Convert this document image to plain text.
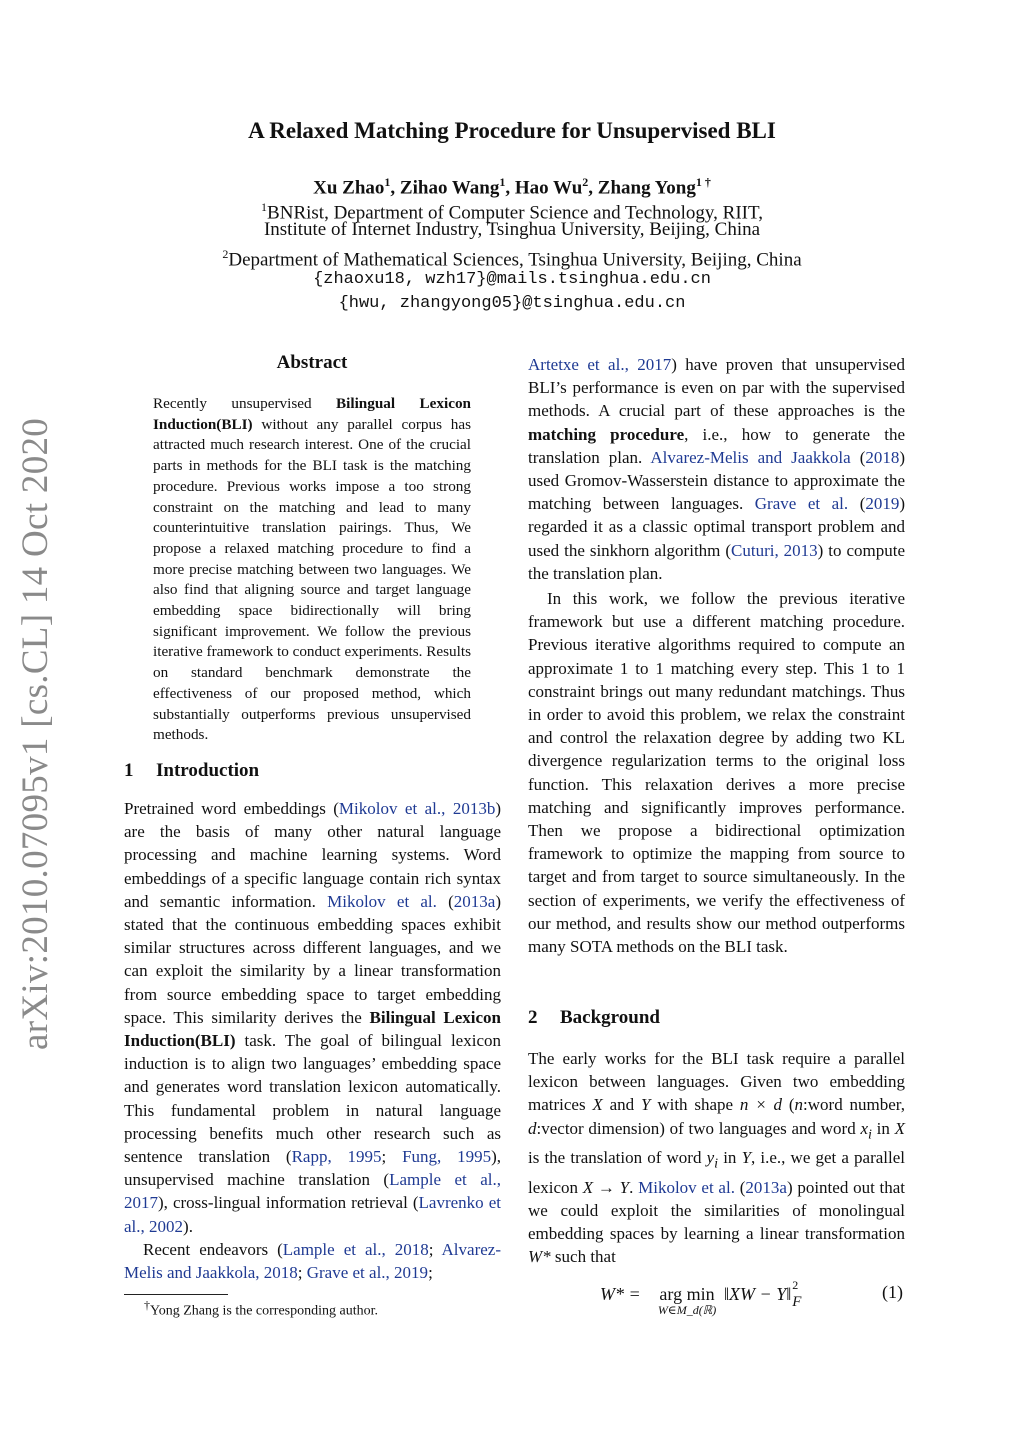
arXiv:2010.07095v1 [cs.CL] 14 Oct 2020
A Relaxed Matching Procedure for Unsupervised BLI
Xu Zhao$^1$, Zihao Wang$^1$, Hao Wu$^2$, Zhang Yong$^{1 \dagger}$
$^1$BNRist, Department of Computer Science and Technology, RIIT,
Institute of Internet Industry, Tsinghua University, Beijing, China
$^2$Department of Mathematical Sciences, Tsinghua University, Beijing, China
{zhaoxu18, wzh17}@mails.tsinghua.edu.cn
{hwu, zhangyong05}@tsinghua.edu.cn
Abstract
Recently unsupervised Bilingual Lexicon Induction(BLI) without any parallel corpus has attracted much research interest. One of the crucial parts in methods for the BLI task is the matching procedure. Previous works impose a too strong constraint on the matching and lead to many counterintuitive translation pairings. Thus, We propose a relaxed matching procedure to find a more precise matching between two languages. We also find that aligning source and target language embedding space bidirectionally will bring significant improvement. We follow the previous iterative framework to conduct experiments. Results on standard benchmark demonstrate the effectiveness of our proposed method, which substantially outperforms previous unsupervised methods.
1 Introduction

Pretrained word embeddings (Mikolov et al., 2013b) are the basis of many other natural language processing and machine learning systems. Word embeddings of a specific language contain rich syntax and semantic information. Mikolov et al. (2013a) stated that the continuous embedding spaces exhibit similar structures across different languages, and we can exploit the similarity by a linear transformation from source embedding space to target embedding space. This similarity derives the Bilingual Lexicon Induction(BLI) task. The goal of bilingual lexicon induction is to align two languages’ embedding space and generates word translation lexicon automatically. This fundamental problem in natural language processing benefits much other research such as sentence translation (Rapp, 1995; Fung, 1995), unsupervised machine translation (Lample et al., 2017), cross-lingual information retrieval (Lavrenko et al., 2002).

Recent endeavors (Lample et al., 2018; Alvarez-Melis and Jaakkola, 2018; Grave et al., 2019;

Artetxe et al., 2017) have proven that unsupervised BLI’s performance is even on par with the supervised methods. A crucial part of these approaches is the matching procedure, i.e., how to generate the translation plan. Alvarez-Melis and Jaakkola (2018) used Gromov-Wasserstein distance to approximate the matching between languages. Grave et al. (2019) regarded it as a classic optimal transport problem and used the sinkhorn algorithm (Cuturi, 2013) to compute the translation plan.

In this work, we follow the previous iterative framework but use a different matching procedure. Previous iterative algorithms required to compute an approximate 1 to 1 matching every step. This 1 to 1 constraint brings out many redundant matchings. Thus in order to avoid this problem, we relax the constraint and control the relaxation degree by adding two KL divergence regularization terms to the original loss function. This relaxation derives a more precise matching and significantly improves performance. Then we propose a bidirectional optimization framework to optimize the mapping from source to target and from target to source simultaneously. In the section of experiments, we verify the effectiveness of our method, and results show our method outperforms many SOTA methods on the BLI task.

2 Background

The early works for the BLI task require a parallel lexicon between languages. Given two embedding matrices X and Y with shape n × d (n:word number, d:vector dimension) of two languages and word $x_i$ in X is the translation of word $y_i$ in Y, i.e., we get a parallel lexicon X → Y. Mikolov et al. (2013a) pointed out that we could exploit the similarities of monolingual embedding spaces by learning a linear transformation W* such that

W* = arg min
W∈M_d(ℝ)
‖XW − Y‖ 2
F	(1)
†Yong Zhang is the corresponding author.
